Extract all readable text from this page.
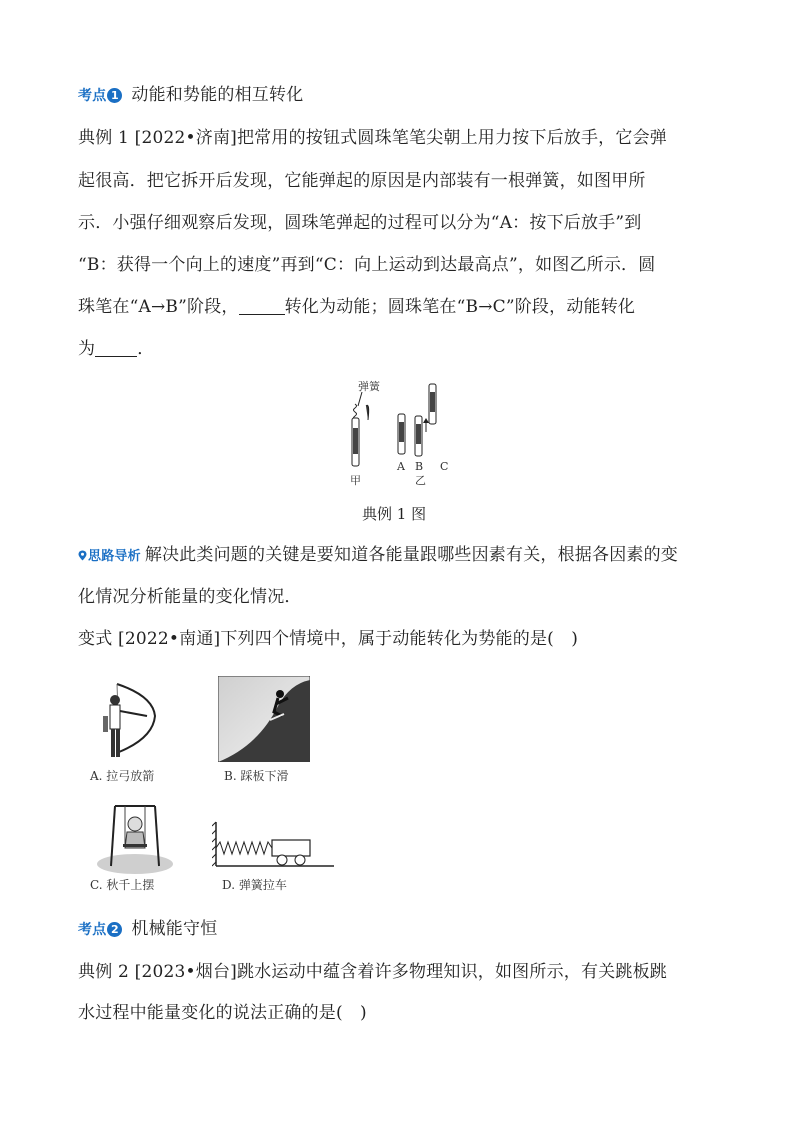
考点 1 动能和势能的相互转化
典例 1 [2022•济南]把常用的按钮式圆珠笔笔尖朝上用力按下后放手，它会弹
起很高．把它拆开后发现，它能弹起的原因是内部装有一根弹簧，如图甲所
示．小强仔细观察后发现，圆珠笔弹起的过程可以分为“A：按下后放手”到
“B：获得一个向上的速度”再到“C：向上运动到达最高点”，如图乙所示．圆
珠笔在“A→B”阶段，	转化为动能；圆珠笔在“B→C”阶段，动能转化
为 ．
弹簧
甲
A B C
乙
典例 1 图
思路导析 解决此类问题的关键是要知道各能量跟哪些因素有关，根据各因素的变
化情况分析能量的变化情况．
变式 [2022•南通]下列四个情境中，属于动能转化为势能的是(　)
A. 拉弓放箭	B. 踩板下滑
C. 秋千上摆	D. 弹簧拉车
考点 2 机械能守恒
典例 2 [2023•烟台]跳水运动中蕴含着许多物理知识，如图所示，有关跳板跳
水过程中能量变化的说法正确的是(　)
